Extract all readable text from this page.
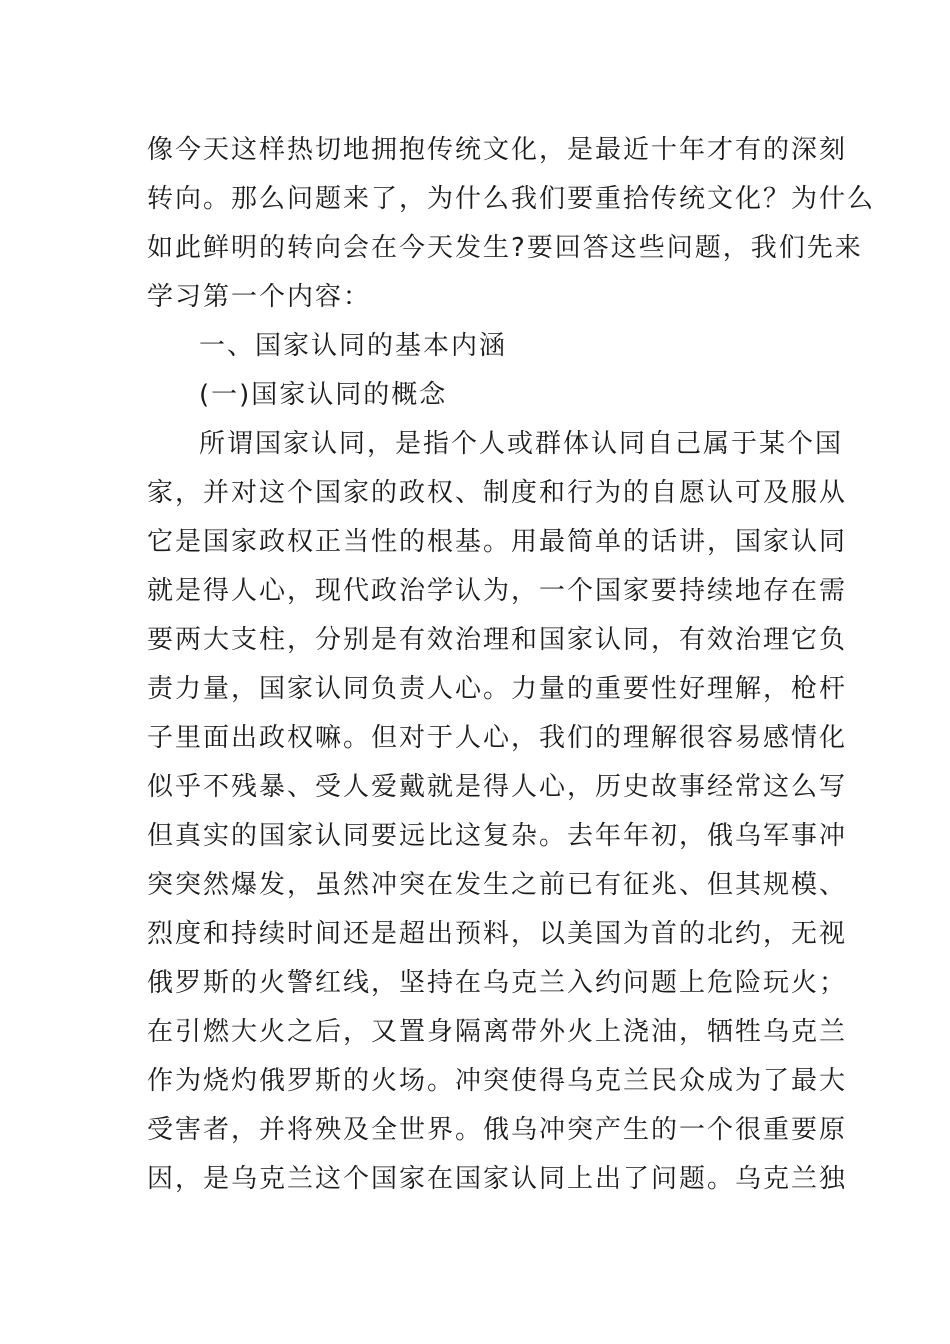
像今天这样热切地拥抱传统文化，是最近十年才有的深刻
转向。那么问题来了，为什么我们要重拾传统文化？为什么
如此鲜明的转向会在今天发生?要回答这些问题，我们先来
学习第一个内容：
一、国家认同的基本内涵
(一)国家认同的概念
所谓国家认同，是指个人或群体认同自己属于某个国
家，并对这个国家的政权、制度和行为的自愿认可及服从
它是国家政权正当性的根基。用最简单的话讲，国家认同
就是得人心，现代政治学认为，一个国家要持续地存在需
要两大支柱，分别是有效治理和国家认同，有效治理它负
责力量，国家认同负责人心。力量的重要性好理解，枪杆
子里面出政权嘛。但对于人心，我们的理解很容易感情化
似乎不残暴、受人爱戴就是得人心，历史故事经常这么写
但真实的国家认同要远比这复杂。去年年初，俄乌军事冲
突突然爆发，虽然冲突在发生之前已有征兆、但其规模、
烈度和持续时间还是超出预料，以美国为首的北约，无视
俄罗斯的火警红线，坚持在乌克兰入约问题上危险玩火；
在引燃大火之后，又置身隔离带外火上浇油，牺牲乌克兰
作为烧灼俄罗斯的火场。冲突使得乌克兰民众成为了最大
受害者，并将殃及全世界。俄乌冲突产生的一个很重要原
因，是乌克兰这个国家在国家认同上出了问题。乌克兰独
